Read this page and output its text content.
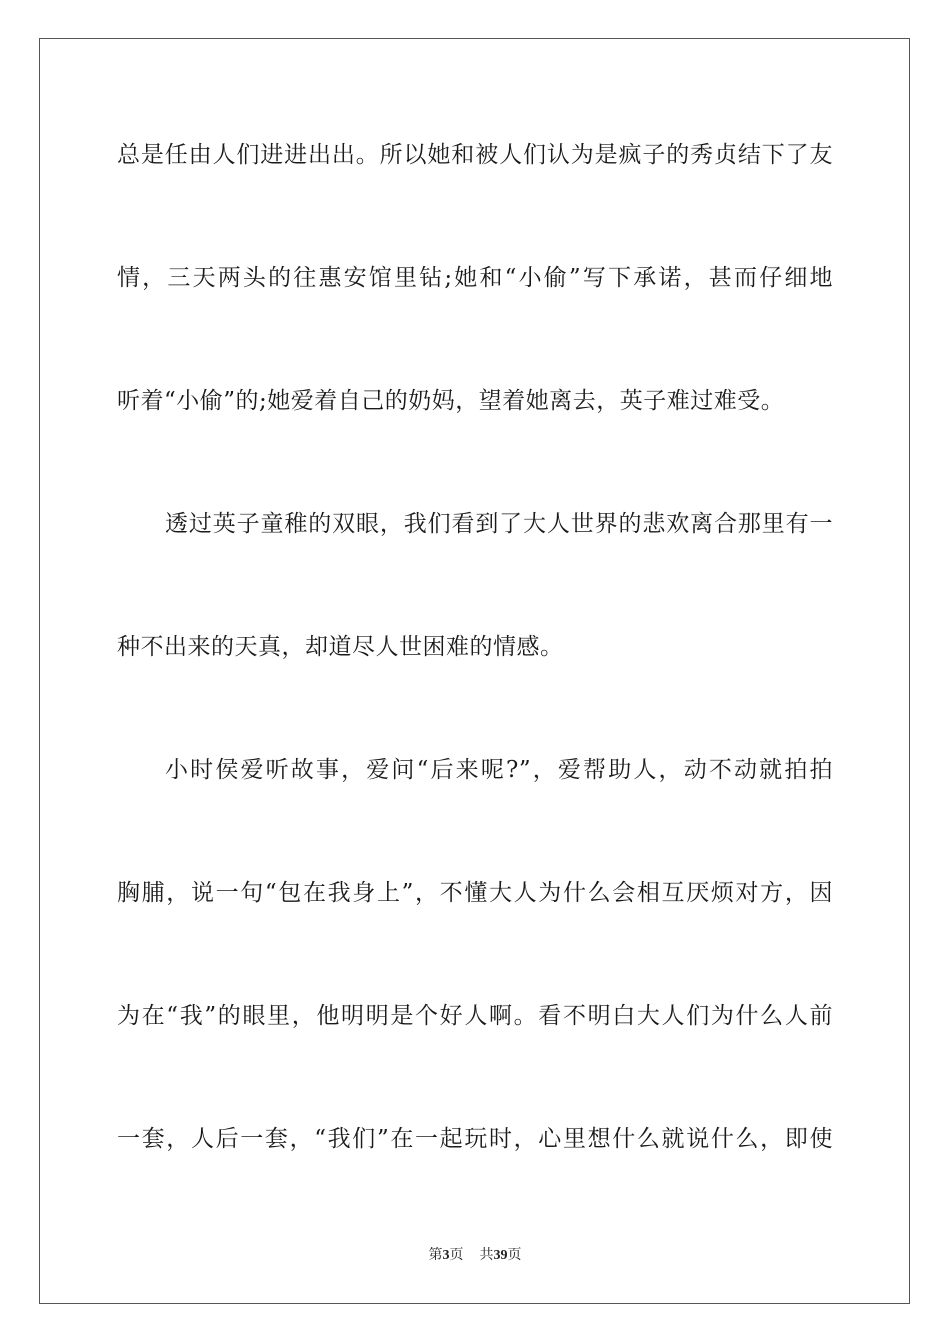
总是任由人们进进出出。所以她和被人们认为是疯子的秀贞结下了友
情，三天两头的往惠安馆里钻;她和“小偷”写下承诺，甚而仔细地
听着“小偷”的;她爱着自己的奶妈，望着她离去，英子难过难受。
透过英子童稚的双眼，我们看到了大人世界的悲欢离合那里有一
种不出来的天真，却道尽人世困难的情感。
小时侯爱听故事，爱问“后来呢?”，爱帮助人，动不动就拍拍
胸脯，说一句“包在我身上”，不懂大人为什么会相互厌烦对方，因
为在“我”的眼里，他明明是个好人啊。看不明白大人们为什么人前
一套，人后一套，“我们”在一起玩时，心里想什么就说什么，即使
第3页 共39页
